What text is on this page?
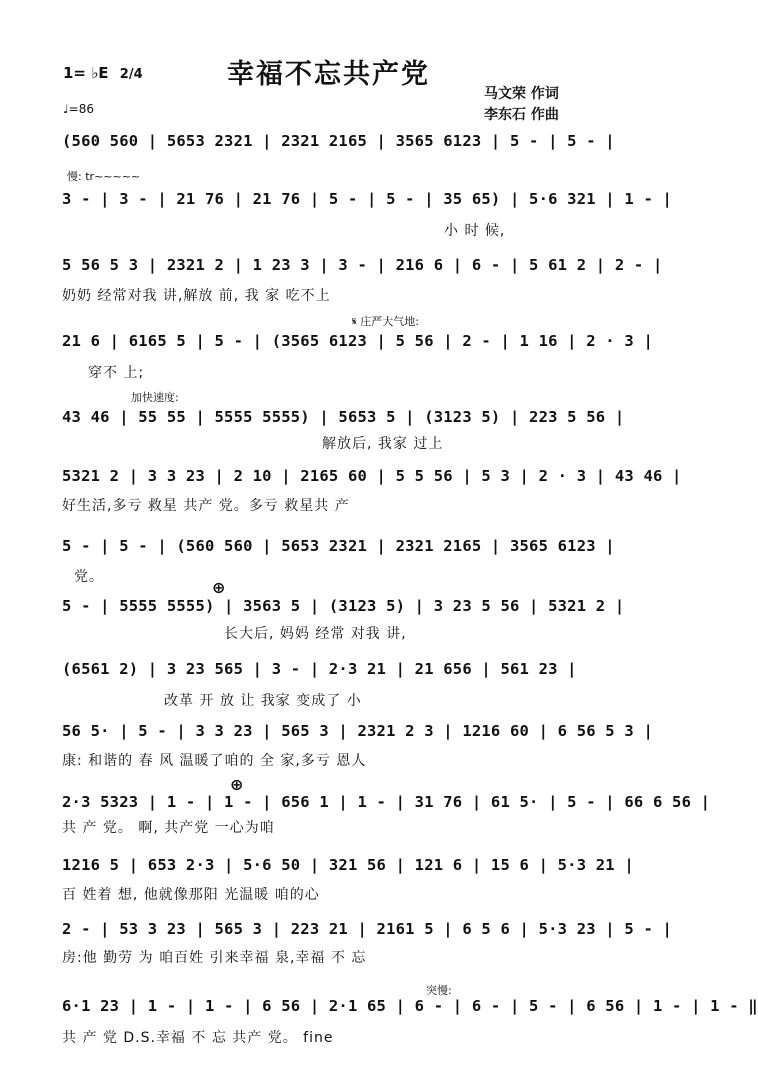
幸福不忘共产党
1= ♭E 2/4
♩=86
马文荣 作词
李东石 作曲
慢: tr~~~~~
𝄋 庄严大气地:
加快速度:
突慢:
⊕
⊕
(560 560 | 5653 2321 | 2321 2165 | 3565 6123 | 5 - | 5 - |
3 - | 3 - | 21 76 | 21 76 | 5 - | 5 - | 35 65) | 5·6 321 | 1 - |
小 时 候,
5 56 5 3 | 2321 2 | 1 23 3 | 3 - | 216 6 | 6 - | 5 61 2 | 2 - |
奶奶 经常对我 讲,解放 前, 我 家 吃不上
21 6 | 6165 5 | 5 - | (3565 6123 | 5 56 | 2 - | 1 16 | 2 · 3 |
穿不 上;
43 46 | 55 55 | 5555 5555) | 5653 5 | (3123 5) | 223 5 56 |
解放后, 我家 过上
5321 2 | 3 3 23 | 2 10 | 2165 60 | 5 5 56 | 5 3 | 2 · 3 | 43 46 |
好生活,多亏 救星 共产 党。多亏 救星共 产
5 - | 5 - | (560 560 | 5653 2321 | 2321 2165 | 3565 6123 |
党。
5 - | 5555 5555) | 3563 5 | (3123 5) | 3 23 5 56 | 5321 2 |
长大后, 妈妈 经常 对我 讲,
(6561 2) | 3 23 565 | 3 - | 2·3 21 | 21 656 | 561 23 |
改革 开 放 让 我家 变成了 小
56 5· | 5 - | 3 3 23 | 565 3 | 2321 2 3 | 1216 60 | 6 56 5 3 |
康: 和谐的 春 风 温暖了咱的 全 家,多亏 恩人
2·3 5323 | 1 - | 1 - | 656 1 | 1 - | 31 76 | 61 5· | 5 - | 66 6 56 |
共 产 党。 啊, 共产党 一心为咱
1216 5 | 653 2·3 | 5·6 50 | 321 56 | 121 6 | 15 6 | 5·3 21 |
百 姓着 想, 他就像那阳 光温暖 咱的心
2 - | 53 3 23 | 565 3 | 223 21 | 2161 5 | 6 5 6 | 5·3 23 | 5 - |
房:他 勤劳 为 咱百姓 引来幸福 泉,幸福 不 忘
6·1 23 | 1 - | 1 - | 6 56 | 2·1 65 | 6 - | 6 - | 5 - | 6 56 | 1 - | 1 - ‖
共 产 党 D.S.幸福 不 忘 共产 党。 fine
